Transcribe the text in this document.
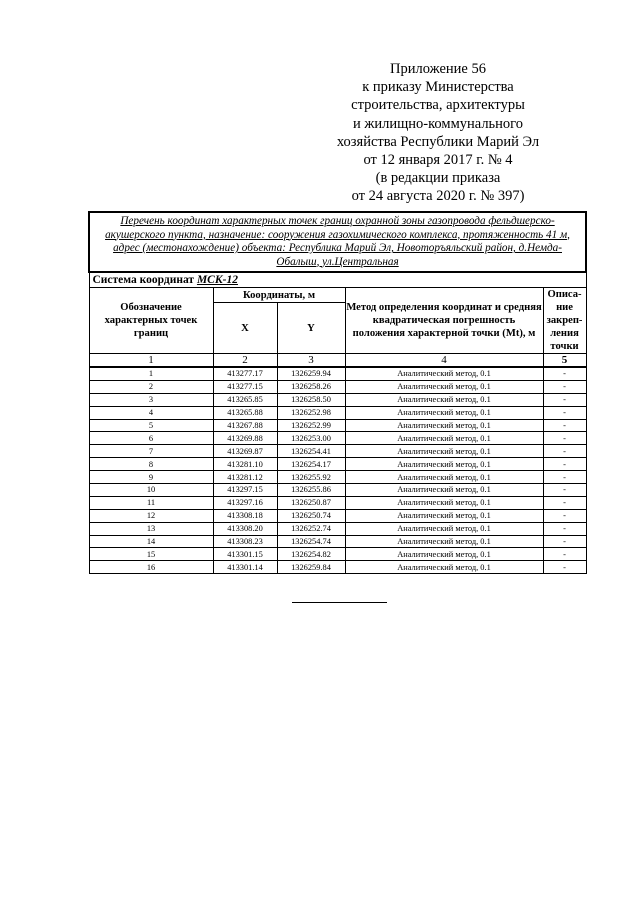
Приложение 56
к приказу Министерства
строительства, архитектуры
и жилищно-коммунального
хозяйства Республики Марий Эл
от 12 января 2017 г. № 4
(в редакции приказа
от 24 августа 2020 г. № 397)
Перечень координат характерных точек границ охранной зоны газопровода фельдшерско-акушерского пункта, назначение: сооружения газохимического комплекса, протяженность 41 м, адрес (местонахождение) объекта: Республика Марий Эл, Новоторъяльский район, д.Немда-Обалыш, ул.Центральная				
Система координат МСК-12				
Обозначение характерных точек границ	Координаты, м		Метод определения координат и средняя квадратическая погрешность положения характерной точки (Mt), м	Описа-ние закреп-ления точки
	X	Y		
1	2	3	4	5
1	413277.17	1326259.94	Аналитический метод, 0.1	-
2	413277.15	1326258.26	Аналитический метод, 0.1	-
3	413265.85	1326258.50	Аналитический метод, 0.1	-
4	413265.88	1326252.98	Аналитический метод, 0.1	-
5	413267.88	1326252.99	Аналитический метод, 0.1	-
6	413269.88	1326253.00	Аналитический метод, 0.1	-
7	413269.87	1326254.41	Аналитический метод, 0.1	-
8	413281.10	1326254.17	Аналитический метод, 0.1	-
9	413281.12	1326255.92	Аналитический метод, 0.1	-
10	413297.15	1326255.86	Аналитический метод, 0.1	-
11	413297.16	1326250.87	Аналитический метод, 0.1	-
12	413308.18	1326250.74	Аналитический метод, 0.1	-
13	413308.20	1326252.74	Аналитический метод, 0.1	-
14	413308.23	1326254.74	Аналитический метод, 0.1	-
15	413301.15	1326254.82	Аналитический метод, 0.1	-
16	413301.14	1326259.84	Аналитический метод, 0.1	-
